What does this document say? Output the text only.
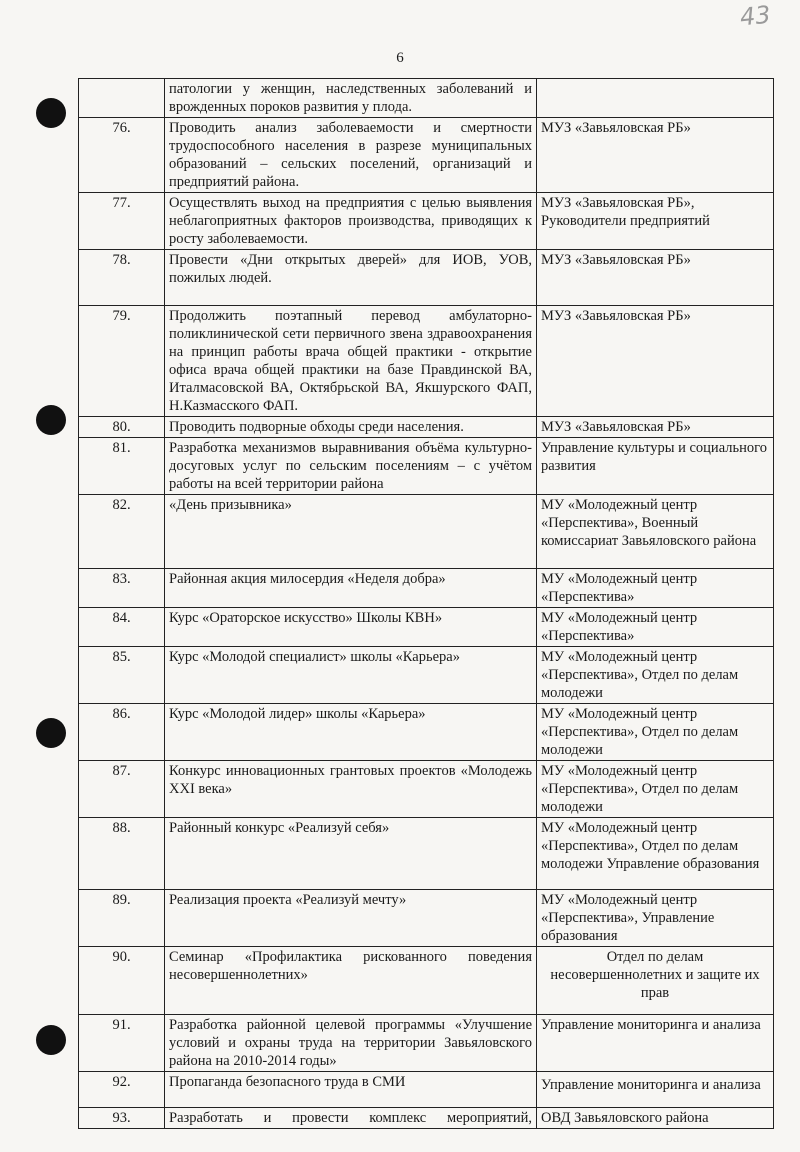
43
6
	патологии у женщин, наследственных заболеваний и врожденных пороков развития у плода.	
76.	Проводить анализ заболеваемости и смертности трудоспособного населения в разрезе муниципальных образований – сельских поселений, организаций и предприятий района.	МУЗ «Завьяловская РБ»
77.	Осуществлять выход на предприятия с целью выявления неблагоприятных факторов производства, приводящих к росту заболеваемости.	МУЗ «Завьяловская РБ», Руководители предприятий
78.	Провести «Дни открытых дверей» для ИОВ, УОВ, пожилых людей.	МУЗ «Завьяловская РБ»
79.	Продолжить поэтапный перевод амбулаторно-поликлинической сети первичного звена здравоохранения на принцип работы врача общей практики - открытие офиса врача общей практики на базе Правдинской ВА, Италмасовской ВА, Октябрьской ВА, Якшурского ФАП, Н.Казмасского ФАП.	МУЗ «Завьяловская РБ»
80.	Проводить подворные обходы среди населения.	МУЗ «Завьяловская РБ»
81.	Разработка механизмов выравнивания объёма культурно-досуговых услуг по сельским поселениям – с учётом работы на всей территории района	Управление культуры и социального развития
82.	«День призывника»	МУ «Молодежный центр «Перспектива», Военный комиссариат Завьяловского района
83.	Районная акция милосердия «Неделя добра»	МУ «Молодежный центр «Перспектива»
84.	Курс «Ораторское искусство» Школы КВН»	МУ «Молодежный центр «Перспектива»
85.	Курс «Молодой специалист» школы «Карьера»	МУ «Молодежный центр «Перспектива», Отдел по делам молодежи
86.	Курс «Молодой лидер» школы «Карьера»	МУ «Молодежный центр «Перспектива», Отдел по делам молодежи
87.	Конкурс инновационных грантовых проектов «Молодежь XXI века»	МУ «Молодежный центр «Перспектива», Отдел по делам молодежи
88.	Районный конкурс «Реализуй себя»	МУ «Молодежный центр «Перспектива», Отдел по делам молодежи Управление образования
89.	Реализация проекта «Реализуй мечту»	МУ «Молодежный центр «Перспектива», Управление образования
90.	Семинар «Профилактика рискованного поведения несовершеннолетних»	Отдел по делам несовершеннолетних и защите их прав
91.	Разработка районной целевой программы «Улучшение условий и охраны труда на территории Завьяловского района на 2010-2014 годы»	Управление мониторинга и анализа
92.	Пропаганда безопасного труда в СМИ	Управление мониторинга и анализа
93.	Разработать и провести комплекс мероприятий,	ОВД Завьяловского района
